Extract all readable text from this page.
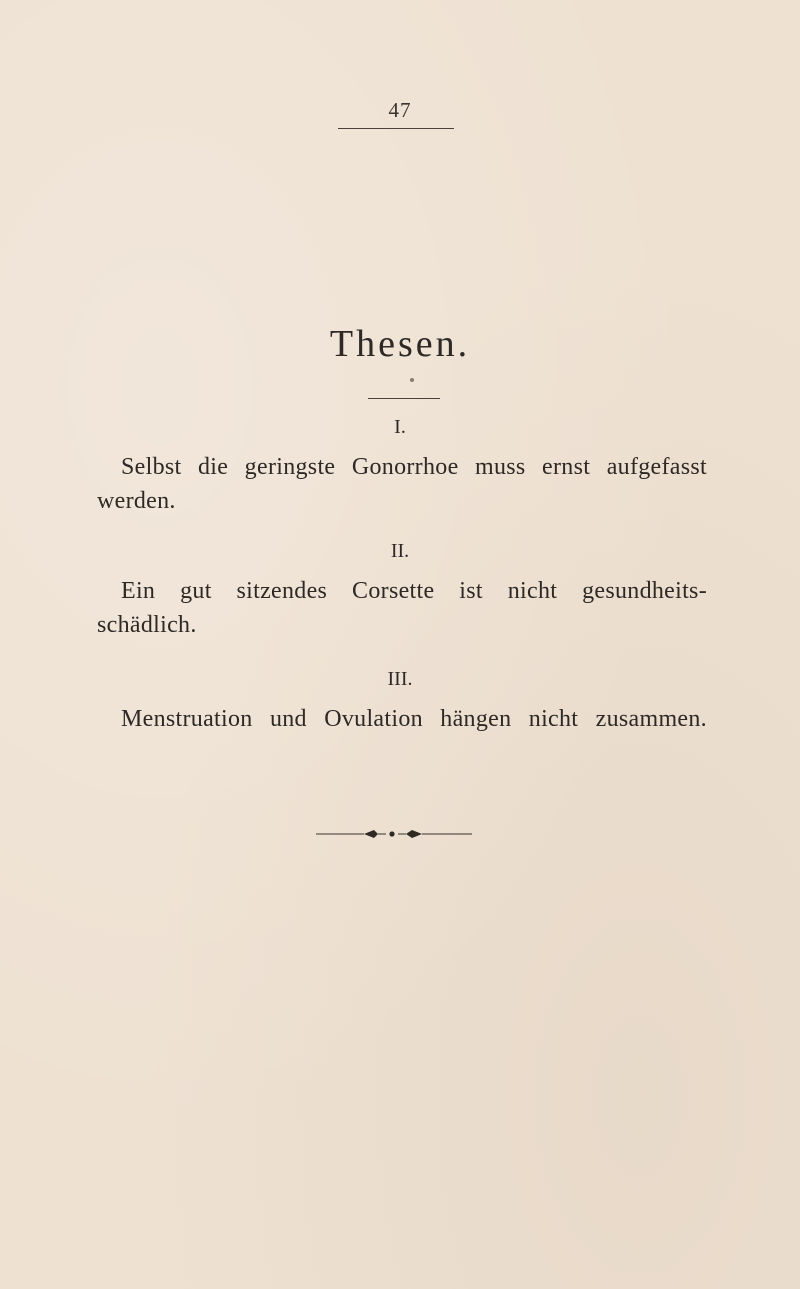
47
Thesen.
I.
Selbst die geringste Gonorrhoe muss ernst aufgefasst
werden.
II.
Ein gut sitzendes Corsette ist nicht gesundheits-
schädlich.
III.
Menstruation und Ovulation hängen nicht zusammen.
